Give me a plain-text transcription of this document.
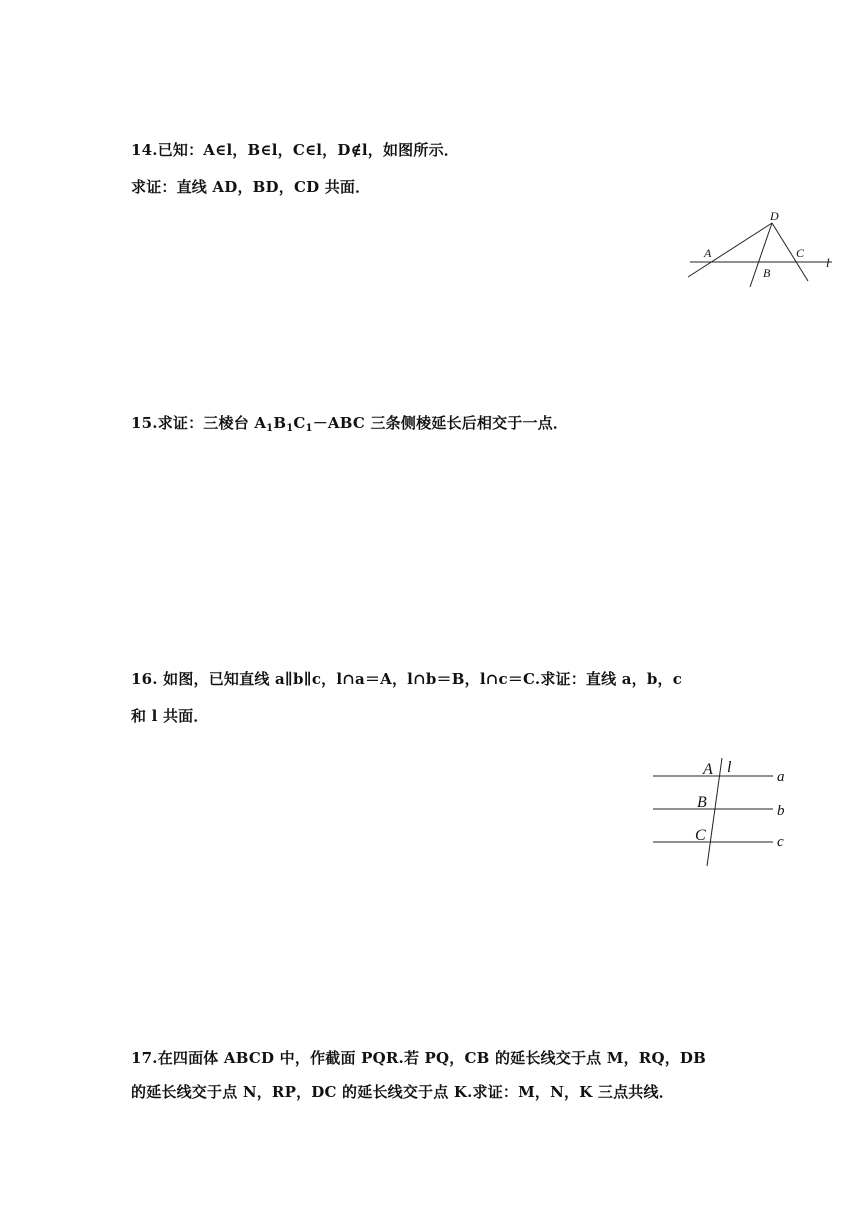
14.已知：A∈l，B∈l，C∈l，D∉l，如图所示．
求证：直线 AD，BD，CD 共面．
D
A
B
C
l
15.求证：三棱台 $A_1B_1C_1-ABC$ 三条侧棱延长后相交于一点．
16. 如图，已知直线 a∥b∥c，l∩a＝A，l∩b＝B，l∩c＝C.求证：直线 a，b，c
和 l 共面．
A l
B
C
a
b
c
17.在四面体 ABCD 中，作截面 PQR.若 PQ，CB 的延长线交于点 M，RQ，DB
的延长线交于点 N，RP，DC 的延长线交于点 K.求证：M，N，K 三点共线．
